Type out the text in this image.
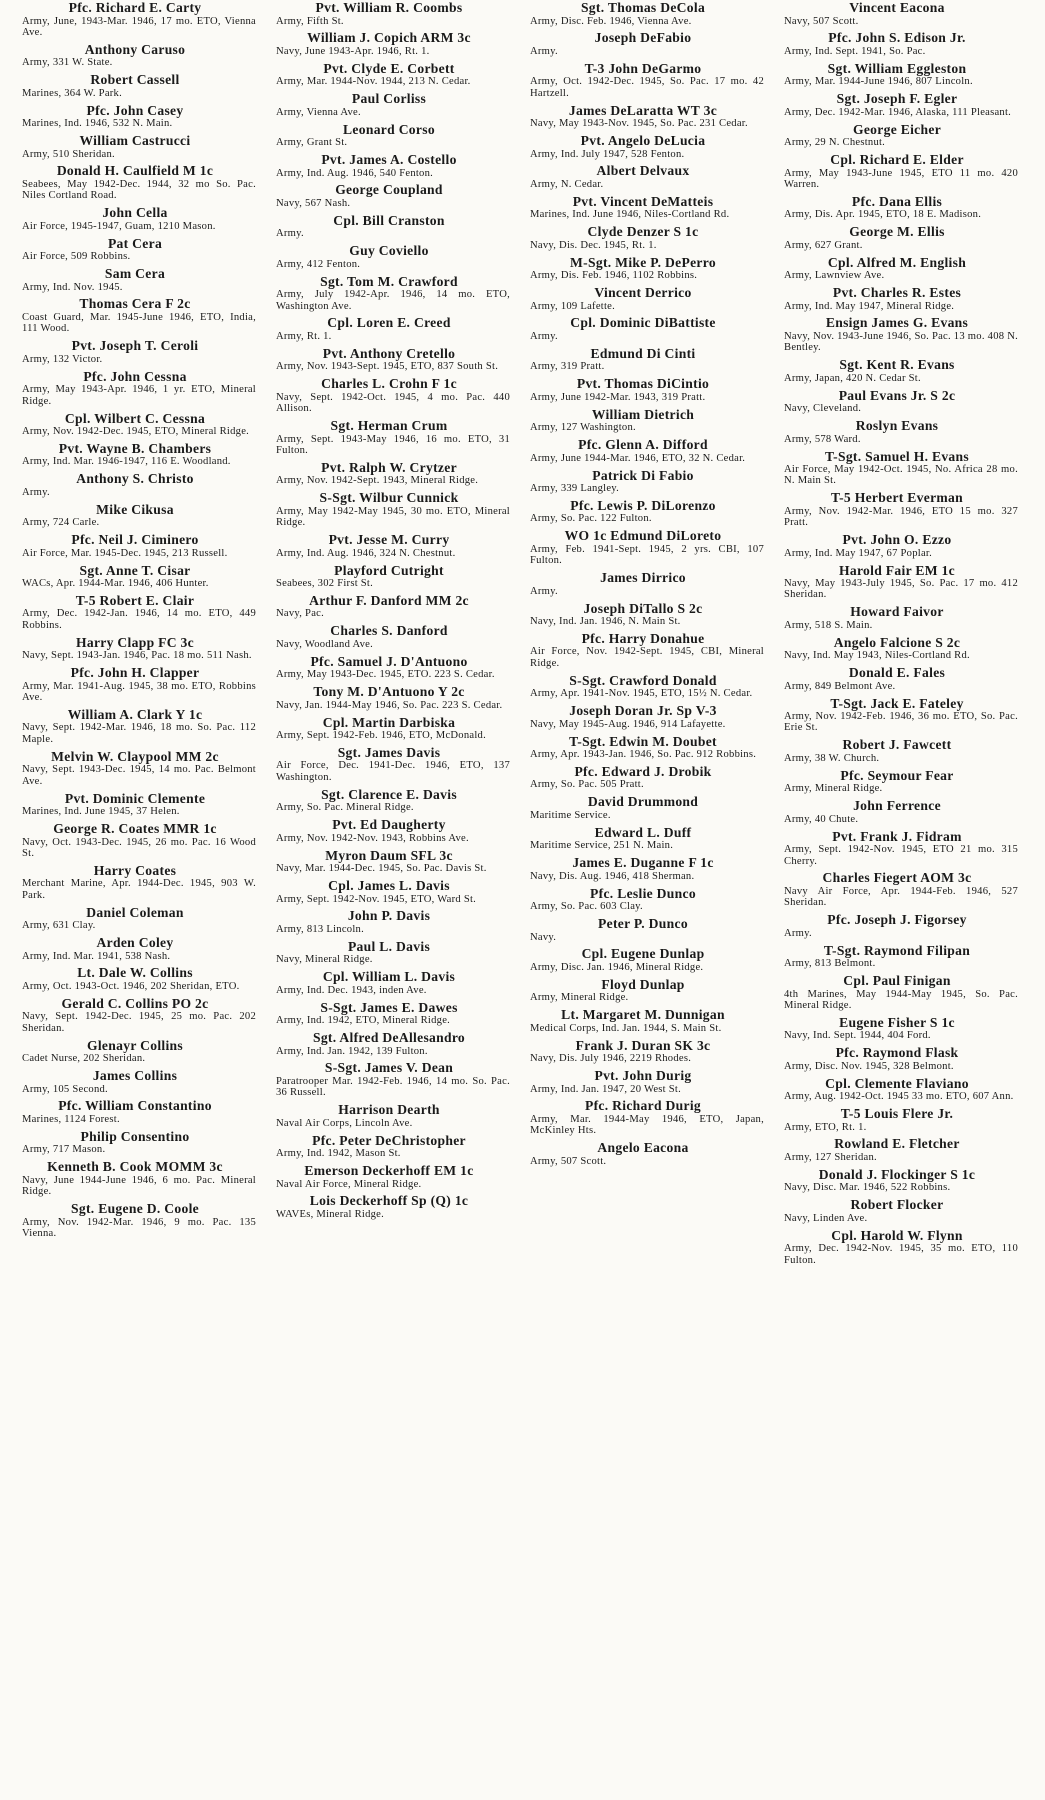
Pfc. Richard E. Carty
Army, June, 1943-Mar. 1946, 17 mo. ETO, Vienna Ave.
Anthony Caruso
Army, 331 W. State.
Robert Cassell
Marines, 364 W. Park.
Pfc. John Casey
Marines, Ind. 1946, 532 N. Main.
William Castrucci
Army, 510 Sheridan.
Donald H. Caulfield M 1c
Seabees, May 1942-Dec. 1944, 32 mo So. Pac. Niles Cortland Road.
John Cella
Air Force, 1945-1947, Guam, 1210 Mason.
Pat Cera
Air Force, 509 Robbins.
Sam Cera
Army, Ind. Nov. 1945.
Thomas Cera F 2c
Coast Guard, Mar. 1945-June 1946, ETO, India, 111 Wood.
Pvt. Joseph T. Ceroli
Army, 132 Victor.
Pfc. John Cessna
Army, May 1943-Apr. 1946, 1 yr. ETO, Mineral Ridge.
Cpl. Wilbert C. Cessna
Army, Nov. 1942-Dec. 1945, ETO, Mineral Ridge.
Pvt. Wayne B. Chambers
Army, Ind. Mar. 1946-1947, 116 E. Woodland.
Anthony S. Christo
Army.
Mike Cikusa
Army, 724 Carle.
Pfc. Neil J. Ciminero
Air Force, Mar. 1945-Dec. 1945, 213 Russell.
Sgt. Anne T. Cisar
WACs, Apr. 1944-Mar. 1946, 406 Hunter.
T-5 Robert E. Clair
Army, Dec. 1942-Jan. 1946, 14 mo. ETO, 449 Robbins.
Harry Clapp FC 3c
Navy, Sept. 1943-Jan. 1946, Pac. 18 mo. 511 Nash.
Pfc. John H. Clapper
Army, Mar. 1941-Aug. 1945, 38 mo. ETO, Robbins Ave.
William A. Clark Y 1c
Navy, Sept. 1942-Mar. 1946, 18 mo. So. Pac. 112 Maple.
Melvin W. Claypool MM 2c
Navy, Sept. 1943-Dec. 1945, 14 mo. Pac. Belmont Ave.
Pvt. Dominic Clemente
Marines, Ind. June 1945, 37 Helen.
George R. Coates MMR 1c
Navy, Oct. 1943-Dec. 1945, 26 mo. Pac. 16 Wood St.
Harry Coates
Merchant Marine, Apr. 1944-Dec. 1945, 903 W. Park.
Daniel Coleman
Army, 631 Clay.
Arden Coley
Army, Ind. Mar. 1941, 538 Nash.
Lt. Dale W. Collins
Army, Oct. 1943-Oct. 1946, 202 Sheridan, ETO.
Gerald C. Collins PO 2c
Navy, Sept. 1942-Dec. 1945, 25 mo. Pac. 202 Sheridan.
Glenayr Collins
Cadet Nurse, 202 Sheridan.
James Collins
Army, 105 Second.
Pfc. William Constantino
Marines, 1124 Forest.
Philip Consentino
Army, 717 Mason.
Kenneth B. Cook MOMM 3c
Navy, June 1944-June 1946, 6 mo. Pac. Mineral Ridge.
Sgt. Eugene D. Coole
Army, Nov. 1942-Mar. 1946, 9 mo. Pac. 135 Vienna.
Pvt. William R. Coombs
Army, Fifth St.
William J. Copich ARM 3c
Navy, June 1943-Apr. 1946, Rt. 1.
Pvt. Clyde E. Corbett
Army, Mar. 1944-Nov. 1944, 213 N. Cedar.
Paul Corliss
Army, Vienna Ave.
Leonard Corso
Army, Grant St.
Pvt. James A. Costello
Army, Ind. Aug. 1946, 540 Fenton.
George Coupland
Navy, 567 Nash.
Cpl. Bill Cranston
Army.
Guy Coviello
Army, 412 Fenton.
Sgt. Tom M. Crawford
Army, July 1942-Apr. 1946, 14 mo. ETO, Washington Ave.
Cpl. Loren E. Creed
Army, Rt. 1.
Pvt. Anthony Cretello
Army, Nov. 1943-Sept. 1945, ETO, 837 South St.
Charles L. Crohn F 1c
Navy, Sept. 1942-Oct. 1945, 4 mo. Pac. 440 Allison.
Sgt. Herman Crum
Army, Sept. 1943-May 1946, 16 mo. ETO, 31 Fulton.
Pvt. Ralph W. Crytzer
Army, Nov. 1942-Sept. 1943, Mineral Ridge.
S-Sgt. Wilbur Cunnick
Army, May 1942-May 1945, 30 mo. ETO, Mineral Ridge.
Pvt. Jesse M. Curry
Army, Ind. Aug. 1946, 324 N. Chestnut.
Playford Cutright
Seabees, 302 First St.
Arthur F. Danford MM 2c
Navy, Pac.
Charles S. Danford
Navy, Woodland Ave.
Pfc. Samuel J. D'Antuono
Army, May 1943-Dec. 1945, ETO. 223 S. Cedar.
Tony M. D'Antuono Y 2c
Navy, Jan. 1944-May 1946, So. Pac. 223 S. Cedar.
Cpl. Martin Darbiska
Army, Sept. 1942-Feb. 1946, ETO, McDonald.
Sgt. James Davis
Air Force, Dec. 1941-Dec. 1946, ETO, 137 Washington.
Sgt. Clarence E. Davis
Army, So. Pac. Mineral Ridge.
Pvt. Ed Daugherty
Army, Nov. 1942-Nov. 1943, Robbins Ave.
Myron Daum SFL 3c
Navy, Mar. 1944-Dec. 1945, So. Pac. Davis St.
Cpl. James L. Davis
Army, Sept. 1942-Nov. 1945, ETO, Ward St.
John P. Davis
Army, 813 Lincoln.
Paul L. Davis
Navy, Mineral Ridge.
Cpl. William L. Davis
Army, Ind. Dec. 1943, inden Ave.
S-Sgt. James E. Dawes
Army, Ind. 1942, ETO, Mineral Ridge.
Sgt. Alfred DeAllesandro
Army, Ind. Jan. 1942, 139 Fulton.
S-Sgt. James V. Dean
Paratrooper Mar. 1942-Feb. 1946, 14 mo. So. Pac. 36 Russell.
Harrison Dearth
Naval Air Corps, Lincoln Ave.
Pfc. Peter DeChristopher
Army, Ind. 1942, Mason St.
Emerson Deckerhoff EM 1c
Naval Air Force, Mineral Ridge.
Lois Deckerhoff Sp (Q) 1c
WAVEs, Mineral Ridge.
Sgt. Thomas DeCola
Army, Disc. Feb. 1946, Vienna Ave.
Joseph DeFabio
Army.
T-3 John DeGarmo
Army, Oct. 1942-Dec. 1945, So. Pac. 17 mo. 42 Hartzell.
James DeLaratta WT 3c
Navy, May 1943-Nov. 1945, So. Pac. 231 Cedar.
Pvt. Angelo DeLucia
Army, Ind. July 1947, 528 Fenton.
Albert Delvaux
Army, N. Cedar.
Pvt. Vincent DeMatteis
Marines, Ind. June 1946, Niles-Cortland Rd.
Clyde Denzer S 1c
Navy, Dis. Dec. 1945, Rt. 1.
M-Sgt. Mike P. DePerro
Army, Dis. Feb. 1946, 1102 Robbins.
Vincent Derrico
Army, 109 Lafette.
Cpl. Dominic DiBattiste
Army.
Edmund Di Cinti
Army, 319 Pratt.
Pvt. Thomas DiCintio
Army, June 1942-Mar. 1943, 319 Pratt.
William Dietrich
Army, 127 Washington.
Pfc. Glenn A. Difford
Army, June 1944-Mar. 1946, ETO, 32 N. Cedar.
Patrick Di Fabio
Army, 339 Langley.
Pfc. Lewis P. DiLorenzo
Army, So. Pac. 122 Fulton.
WO 1c Edmund DiLoreto
Army, Feb. 1941-Sept. 1945, 2 yrs. CBI, 107 Fulton.
James Dirrico
Army.
Joseph DiTallo S 2c
Navy, Ind. Jan. 1946, N. Main St.
Pfc. Harry Donahue
Air Force, Nov. 1942-Sept. 1945, CBI, Mineral Ridge.
S-Sgt. Crawford Donald
Army, Apr. 1941-Nov. 1945, ETO, 15½ N. Cedar.
Joseph Doran Jr. Sp V-3
Navy, May 1945-Aug. 1946, 914 Lafayette.
T-Sgt. Edwin M. Doubet
Army, Apr. 1943-Jan. 1946, So. Pac. 912 Robbins.
Pfc. Edward J. Drobik
Army, So. Pac. 505 Pratt.
David Drummond
Maritime Service.
Edward L. Duff
Maritime Service, 251 N. Main.
James E. Duganne F 1c
Navy, Dis. Aug. 1946, 418 Sherman.
Pfc. Leslie Dunco
Army, So. Pac. 603 Clay.
Peter P. Dunco
Navy.
Cpl. Eugene Dunlap
Army, Disc. Jan. 1946, Mineral Ridge.
Floyd Dunlap
Army, Mineral Ridge.
Lt. Margaret M. Dunnigan
Medical Corps, Ind. Jan. 1944, S. Main St.
Frank J. Duran SK 3c
Navy, Dis. July 1946, 2219 Rhodes.
Pvt. John Durig
Army, Ind. Jan. 1947, 20 West St.
Pfc. Richard Durig
Army, Mar. 1944-May 1946, ETO, Japan, McKinley Hts.
Angelo Eacona
Army, 507 Scott.
Vincent Eacona
Navy, 507 Scott.
Pfc. John S. Edison Jr.
Army, Ind. Sept. 1941, So. Pac.
Sgt. William Eggleston
Army, Mar. 1944-June 1946, 807 Lincoln.
Sgt. Joseph F. Egler
Army, Dec. 1942-Mar. 1946, Alaska, 111 Pleasant.
George Eicher
Army, 29 N. Chestnut.
Cpl. Richard E. Elder
Army, May 1943-June 1945, ETO 11 mo. 420 Warren.
Pfc. Dana Ellis
Army, Dis. Apr. 1945, ETO, 18 E. Madison.
George M. Ellis
Army, 627 Grant.
Cpl. Alfred M. English
Army, Lawnview Ave.
Pvt. Charles R. Estes
Army, Ind. May 1947, Mineral Ridge.
Ensign James G. Evans
Navy, Nov. 1943-June 1946, So. Pac. 13 mo. 408 N. Bentley.
Sgt. Kent R. Evans
Army, Japan, 420 N. Cedar St.
Paul Evans Jr. S 2c
Navy, Cleveland.
Roslyn Evans
Army, 578 Ward.
T-Sgt. Samuel H. Evans
Air Force, May 1942-Oct. 1945, No. Africa 28 mo. N. Main St.
T-5 Herbert Everman
Army, Nov. 1942-Mar. 1946, ETO 15 mo. 327 Pratt.
Pvt. John O. Ezzo
Army, Ind. May 1947, 67 Poplar.
Harold Fair EM 1c
Navy, May 1943-July 1945, So. Pac. 17 mo. 412 Sheridan.
Howard Faivor
Army, 518 S. Main.
Angelo Falcione S 2c
Navy, Ind. May 1943, Niles-Cortland Rd.
Donald E. Fales
Army, 849 Belmont Ave.
T-Sgt. Jack E. Fateley
Army, Nov. 1942-Feb. 1946, 36 mo. ETO, So. Pac. Erie St.
Robert J. Fawcett
Army, 38 W. Church.
Pfc. Seymour Fear
Army, Mineral Ridge.
John Ferrence
Army, 40 Chute.
Pvt. Frank J. Fidram
Army, Sept. 1942-Nov. 1945, ETO 21 mo. 315 Cherry.
Charles Fiegert AOM 3c
Navy Air Force, Apr. 1944-Feb. 1946, 527 Sheridan.
Pfc. Joseph J. Figorsey
Army.
T-Sgt. Raymond Filipan
Army, 813 Belmont.
Cpl. Paul Finigan
4th Marines, May 1944-May 1945, So. Pac. Mineral Ridge.
Eugene Fisher S 1c
Navy, Ind. Sept. 1944, 404 Ford.
Pfc. Raymond Flask
Army, Disc. Nov. 1945, 328 Belmont.
Cpl. Clemente Flaviano
Army, Aug. 1942-Oct. 1945 33 mo. ETO, 607 Ann.
T-5 Louis Flere Jr.
Army, ETO, Rt. 1.
Rowland E. Fletcher
Army, 127 Sheridan.
Donald J. Flockinger S 1c
Navy, Disc. Mar. 1946, 522 Robbins.
Robert Flocker
Navy, Linden Ave.
Cpl. Harold W. Flynn
Army, Dec. 1942-Nov. 1945, 35 mo. ETO, 110 Fulton.
